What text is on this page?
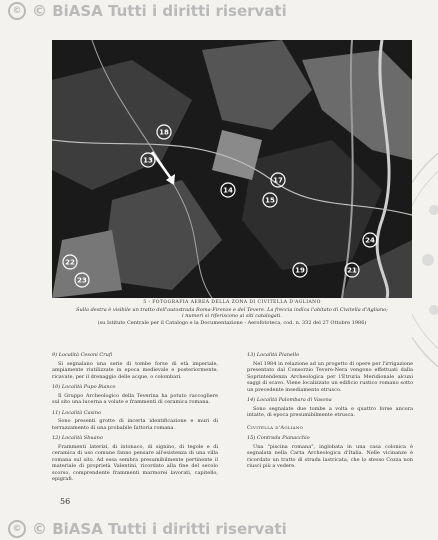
© © BiASA Tutti i diritti riservati
18
13
17
15
14
24
22
23
19	21
5 - FOTOGRAFIA AEREA DELLA ZONA DI CIVITELLA D'AGLIANO
Sulla destra è visibile un tratto dell'autostrada Roma-Firenze e del Tevere. La freccia indica l'abitato di Civitella d'Agliano;
i numeri si riferiscono ai siti catalogati.
(su Istituto Centrale per il Catalogo e la Documentazione - Aerofototeca, cod. n. 332 del 27 Ottobre 1986)
9) Località Cesoni Crufi

Si segnalano una serie di tombe forse di età imperiale, ampiamente riutilizzate in epoca medievale e posteriormente, ricavate, per il drenaggio delle acque, o colombari.

10) Località Pupo Bianco

Il Gruppo Archeologico della Teverina ha potuto raccogliere sul sito una lucerna a volute e frammenti di ceramica romana.

11) Località Casino

Sono presenti grotte di incerta identificazione e muri di terrazzamento di una probabile fattoria romana.

12) Località Sbuano

Frammenti laterizi, di intonaco, di signino, di tegole e di ceramica di uso comune fanno pensare all'esistenza di una villa romana sul sito. Ad essa sembra presumibilmente pertinente il materiale di proprietà Valentini, ricordato alla fine del secolo scorso, comprendente frammenti marmorei lavorati, capitello, epigrafi.

13) Località Pianello

Nel 1984 in relazione ad un progetto di opere per l'irrigazione presentato dal Consorzio Tevere-Nera vengono effettuati dalla Soprintendenza Archeologica per l'Etruria Meridionale alcuni saggi di scavo. Viene localizzato un edificio rustico romano sotto un precedente insediamento etrusco.

14) Località Palombara di Vasona

Sono segnalate due tombe a volta e quattro forse ancora intatte, di epoca presumibilmente etrusca.

Civitella d'Agliano
15) Contrada Pianacchio

Una "piscina romana", inglobata in una casa colonica è segnalata nella Carta Archeologica d'Italia. Nelle vicinanze è ricordato un tratto di strada lastricata, che lo stesso Cozza non riuscì più a vedere.

56
© © BiASA Tutti i diritti riservati
